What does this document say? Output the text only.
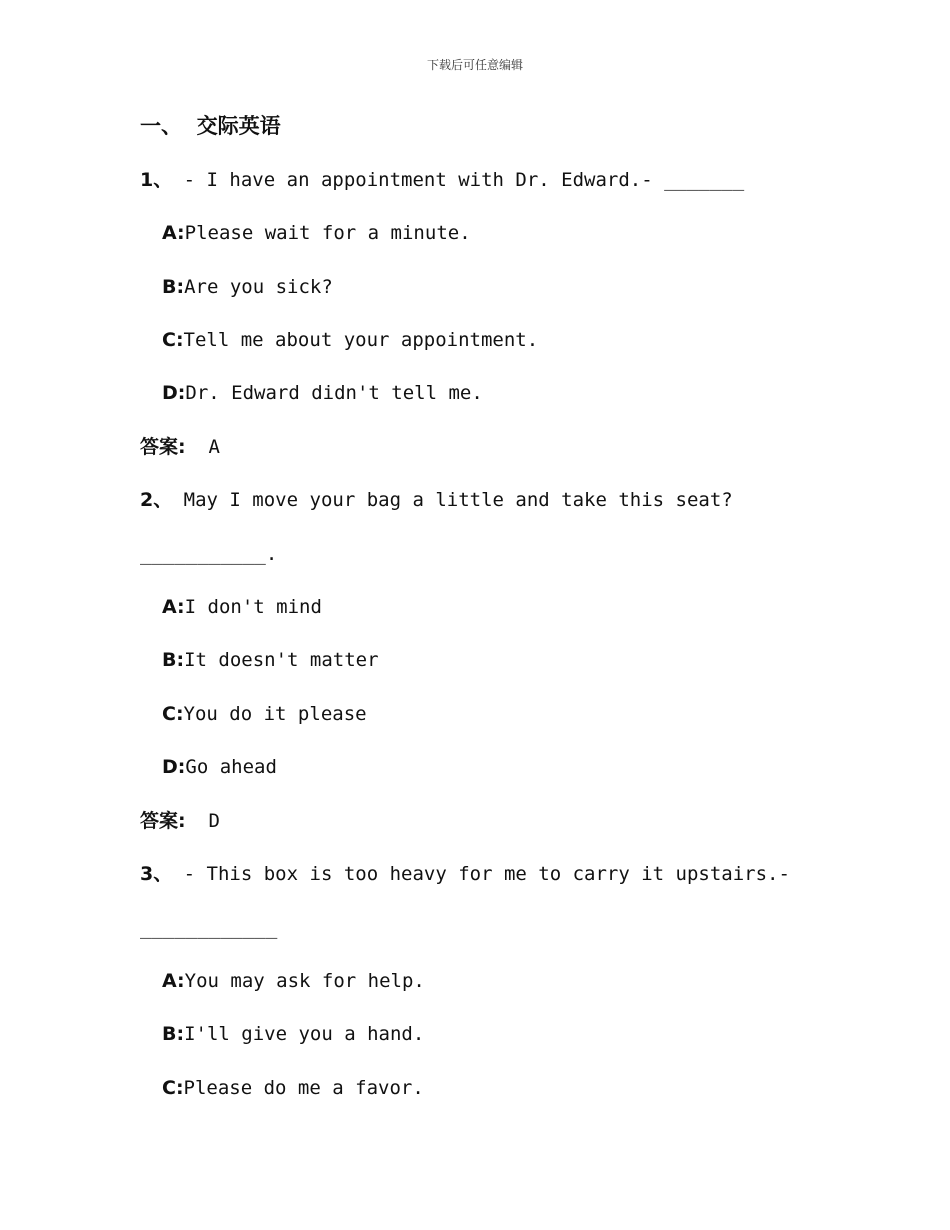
下载后可任意编辑
一、 交际英语
1、 - I have an appointment with Dr. Edward.- _______
A:Please wait for a minute.
B:Are you sick?
C:Tell me about your appointment.
D:Dr. Edward didn't tell me.
答案: A
2、 May I move your bag a little and take this seat?
___________.
A:I don't mind
B:It doesn't matter
C:You do it please
D:Go ahead
答案: D
3、 - This box is too heavy for me to carry it upstairs.-
____________
A:You may ask for help.
B:I'll give you a hand.
C:Please do me a favor.
